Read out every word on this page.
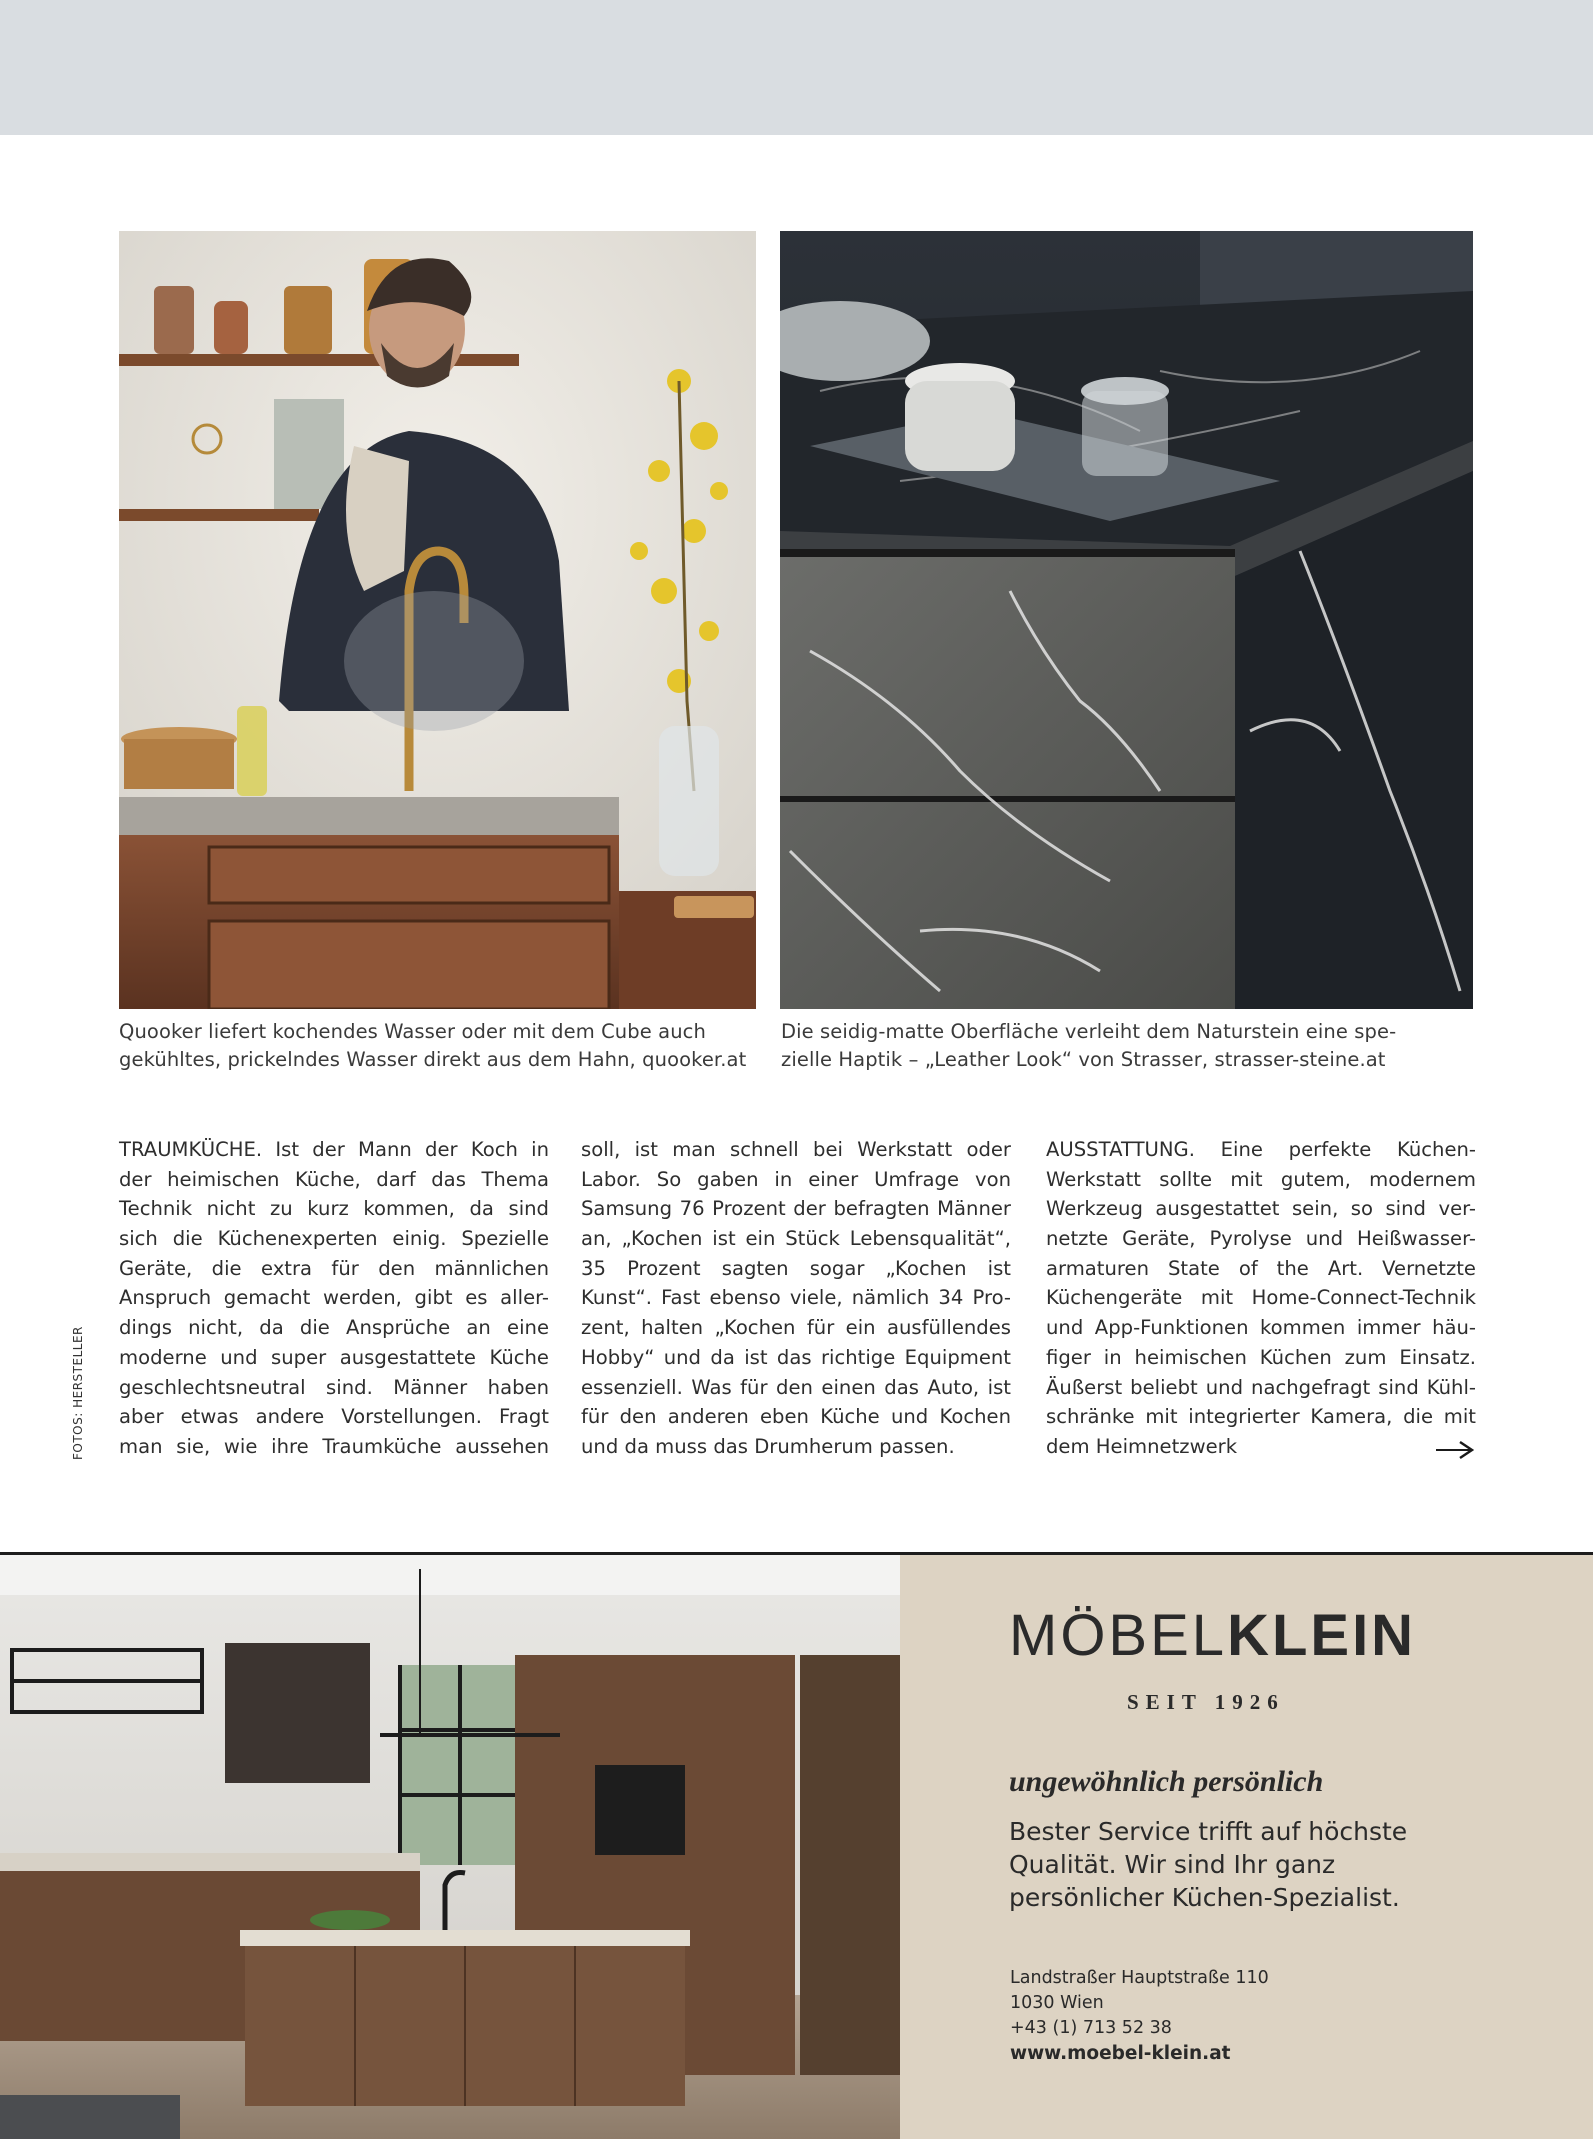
Quooker liefert kochendes Wasser oder mit dem Cube auch
gekühltes, prickelndes Wasser direkt aus dem Hahn, quooker.at
Die seidig-matte Oberfläche verleiht dem Naturstein eine spe-
zielle Haptik – „Leather Look“ von Strasser, strasser-steine.at
TRAUMKÜCHE. Ist der Mann der Koch in
der heimischen Küche, darf das Thema
Technik nicht zu kurz kommen, da sind
sich die Küchenexperten einig. Spezielle
Geräte, die extra für den männlichen
Anspruch gemacht werden, gibt es aller-
dings nicht, da die Ansprüche an eine
moderne und super ausgestattete Küche
geschlechtsneutral sind. Männer haben
aber etwas andere Vorstellungen. Fragt
man sie, wie ihre Traumküche aussehen
soll, ist man schnell bei Werkstatt oder
Labor. So gaben in einer Umfrage von
Samsung 76 Prozent der befragten Männer
an, „Kochen ist ein Stück Lebensqualität“,
35 Prozent sagten sogar „Kochen ist
Kunst“. Fast ebenso viele, nämlich 34 Pro-
zent, halten „Kochen für ein ausfüllendes
Hobby“ und da ist das richtige Equipment
essenziell. Was für den einen das Auto, ist
für den anderen eben Küche und Kochen
und da muss das Drumherum passen.
AUSSTATTUNG. Eine perfekte Küchen-
Werkstatt sollte mit gutem, modernem
Werkzeug ausgestattet sein, so sind ver-
netzte Geräte, Pyrolyse und Heißwasser-
armaturen State of the Art. Vernetzte
Küchengeräte mit Home-Connect-Technik
und App-Funktionen kommen immer häu-
figer in heimischen Küchen zum Einsatz.
Äußerst beliebt und nachgefragt sind Kühl-
schränke mit integrierter Kamera, die mit
dem Heimnetzwerk
FOTOS: HERSTELLER
MÖBELKLEIN
SEIT 1926
ungewöhnlich persönlich
Bester Service trifft auf höchste
Qualität. Wir sind Ihr ganz
persönlicher Küchen-Spezialist.
Landstraßer Hauptstraße 110
1030 Wien
+43 (1) 713 52 38
www.moebel-klein.at
